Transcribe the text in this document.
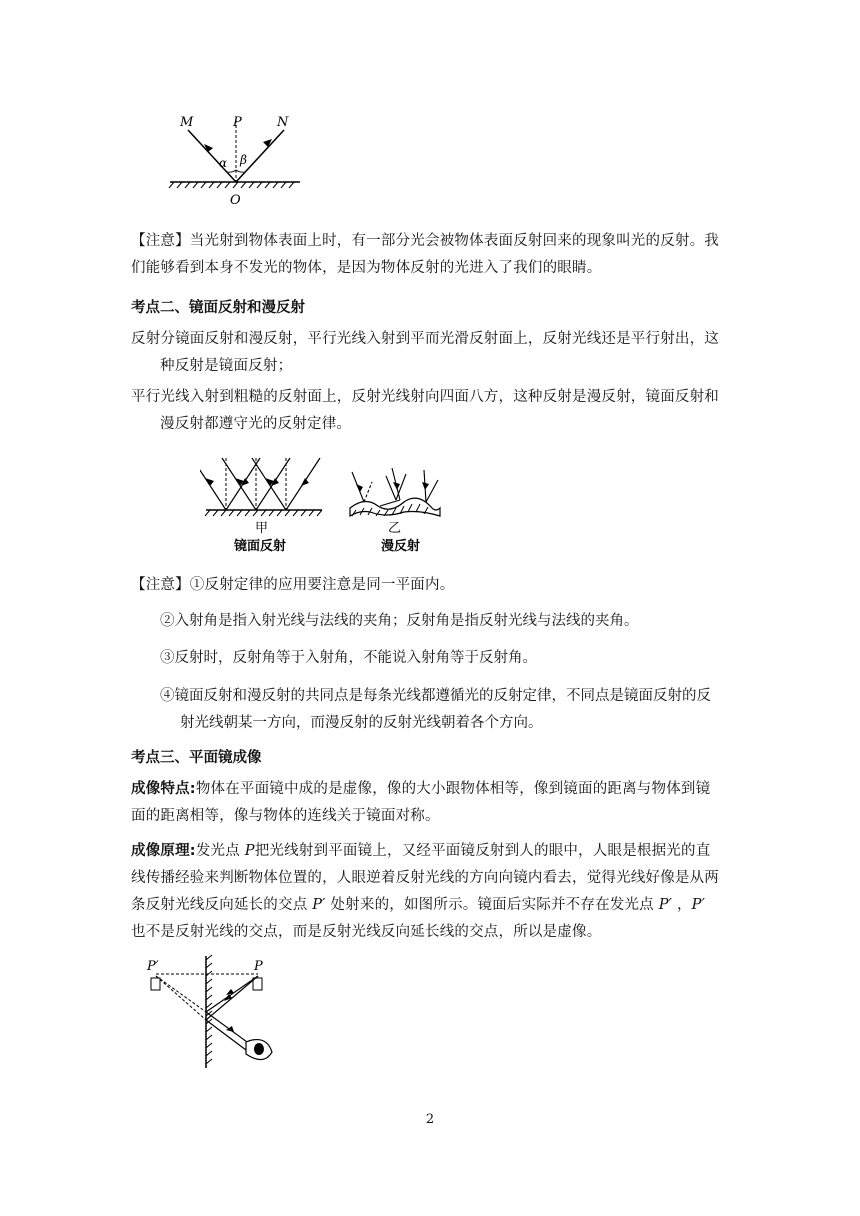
M	P	N
α β
O
【注意】当光射到物体表面上时，有一部分光会被物体表面反射回来的现象叫光的反射。我
们能够看到本身不发光的物体，是因为物体反射的光进入了我们的眼睛。
考点二、镜面反射和漫反射
反射分镜面反射和漫反射，平行光线入射到平而光滑反射面上，反射光线还是平行射出，这
种反射是镜面反射；
平行光线入射到粗糙的反射面上，反射光线射向四面八方，这种反射是漫反射，镜面反射和
漫反射都遵守光的反射定律。
甲
镜面反射
乙
漫反射
【注意】①反射定律的应用要注意是同一平面内。
②入射角是指入射光线与法线的夹角；反射角是指反射光线与法线的夹角。
③反射时，反射角等于入射角，不能说入射角等于反射角。
④镜面反射和漫反射的共同点是每条光线都遵循光的反射定律，不同点是镜面反射的反
射光线朝某一方向，而漫反射的反射光线朝着各个方向。
考点三、平面镜成像
成像特点:物体在平面镜中成的是虚像，像的大小跟物体相等，像到镜面的距离与物体到镜
面的距离相等，像与物体的连线关于镜面对称。
成像原理:发光点 P把光线射到平面镜上，又经平面镜反射到人的眼中，人眼是根据光的直
线传播经验来判断物体位置的，人眼逆着反射光线的方向向镜内看去，觉得光线好像是从两
条反射光线反向延长的交点 P′ 处射来的，如图所示。镜面后实际并不存在发光点 P′ ，P′
也不是反射光线的交点，而是反射光线反向延长线的交点，所以是虚像。
P′	P
2
